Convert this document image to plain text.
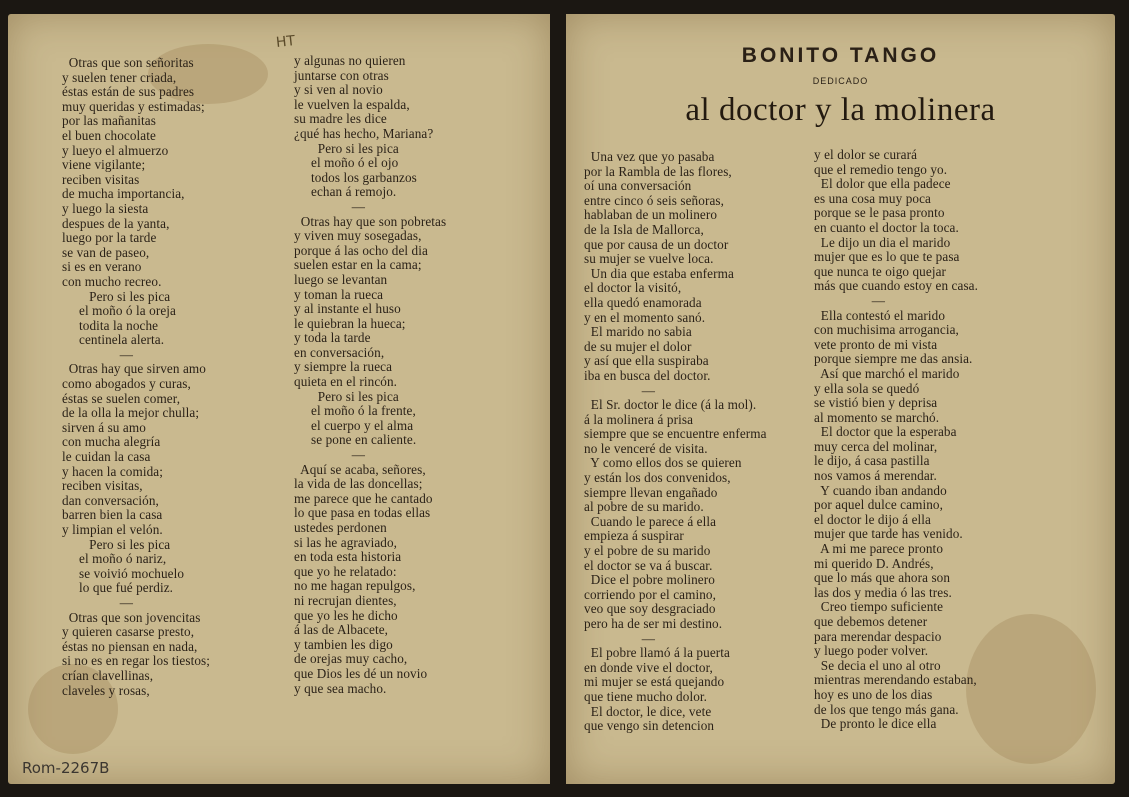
Otras que son señoritas
y suelen tener criada,
éstas están de sus padres
muy queridas y estimadas;
por las mañanitas
el buen chocolate
y lueyo el almuerzo
viene vigilante;
reciben visitas
de mucha importancia,
y luego la siesta
despues de la yanta,
luego por la tarde
se van de paseo,
si es en verano
con mucho recreo.
Pero si les pica
el moño ó la oreja
todita la noche
centinela alerta.
—
Otras hay que sirven amo
como abogados y curas,
éstas se suelen comer,
de la olla la mejor chulla;
sirven á su amo
con mucha alegría
le cuidan la casa
y hacen la comida;
reciben visitas,
dan conversación,
barren bien la casa
y limpian el velón.
Pero si les pica
el moño ó nariz,
se voivió mochuelo
lo que fué perdiz.
—
Otras que son jovencitas
y quieren casarse presto,
éstas no piensan en nada,
si no es en regar los tiestos;
crían clavellinas,
claveles y rosas,
y algunas no quieren
juntarse con otras
y si ven al novio
le vuelven la espalda,
su madre les dice
¿qué has hecho, Mariana?
Pero si les pica
el moño ó el ojo
todos los garbanzos
echan á remojo.
—
Otras hay que son pobretas
y viven muy sosegadas,
porque á las ocho del dia
suelen estar en la cama;
luego se levantan
y toman la rueca
y al instante el huso
le quiebran la hueca;
y toda la tarde
en conversación,
y siempre la rueca
quieta en el rincón.
Pero si les pica
el moño ó la frente,
el cuerpo y el alma
se pone en caliente.
—
Aquí se acaba, señores,
la vida de las doncellas;
me parece que he cantado
lo que pasa en todas ellas
ustedes perdonen
si las he agraviado,
en toda esta historia
que yo he relatado:
no me hagan repulgos,
ni recrujan dientes,
que yo les he dicho
á las de Albacete,
y tambien les digo
de orejas muy cacho,
que Dios les dé un novio
y que sea macho.
HT
Rom-2267B
BONITO TANGO
DEDICADO
al doctor y la molinera
Una vez que yo pasaba
por la Rambla de las flores,
oí una conversación
entre cinco ó seis señoras,
hablaban de un molinero
de la Isla de Mallorca,
que por causa de un doctor
su mujer se vuelve loca.
Un dia que estaba enferma
el doctor la visitó,
ella quedó enamorada
y en el momento sanó.
El marido no sabia
de su mujer el dolor
y así que ella suspiraba
iba en busca del doctor.
—
El Sr. doctor le dice (á la mol).
á la molinera á prisa
siempre que se encuentre enferma
no le venceré de visita.
Y como ellos dos se quieren
y están los dos convenidos,
siempre llevan engañado
al pobre de su marido.
Cuando le parece á ella
empieza á suspirar
y el pobre de su marido
el doctor se va á buscar.
Dice el pobre molinero
corriendo por el camino,
veo que soy desgraciado
pero ha de ser mi destino.
—
El pobre llamó á la puerta
en donde vive el doctor,
mi mujer se está quejando
que tiene mucho dolor.
El doctor, le dice, vete
que vengo sin detencion
y el dolor se curará
que el remedio tengo yo.
El dolor que ella padece
es una cosa muy poca
porque se le pasa pronto
en cuanto el doctor la toca.
Le dijo un dia el marido
mujer que es lo que te pasa
que nunca te oigo quejar
más que cuando estoy en casa.
—
Ella contestó el marido
con muchisima arrogancia,
vete pronto de mi vista
porque siempre me das ansia.
Así que marchó el marido
y ella sola se quedó
se vistió bien y deprisa
al momento se marchó.
El doctor que la esperaba
muy cerca del molinar,
le dijo, á casa pastilla
nos vamos á merendar.
Y cuando iban andando
por aquel dulce camino,
el doctor le dijo á ella
mujer que tarde has venido.
A mi me parece pronto
mi querido D. Andrés,
que lo más que ahora son
las dos y media ó las tres.
Creo tiempo suficiente
que debemos detener
para merendar despacio
y luego poder volver.
Se decia el uno al otro
mientras merendando estaban,
hoy es uno de los dias
de los que tengo más gana.
De pronto le dice ella
